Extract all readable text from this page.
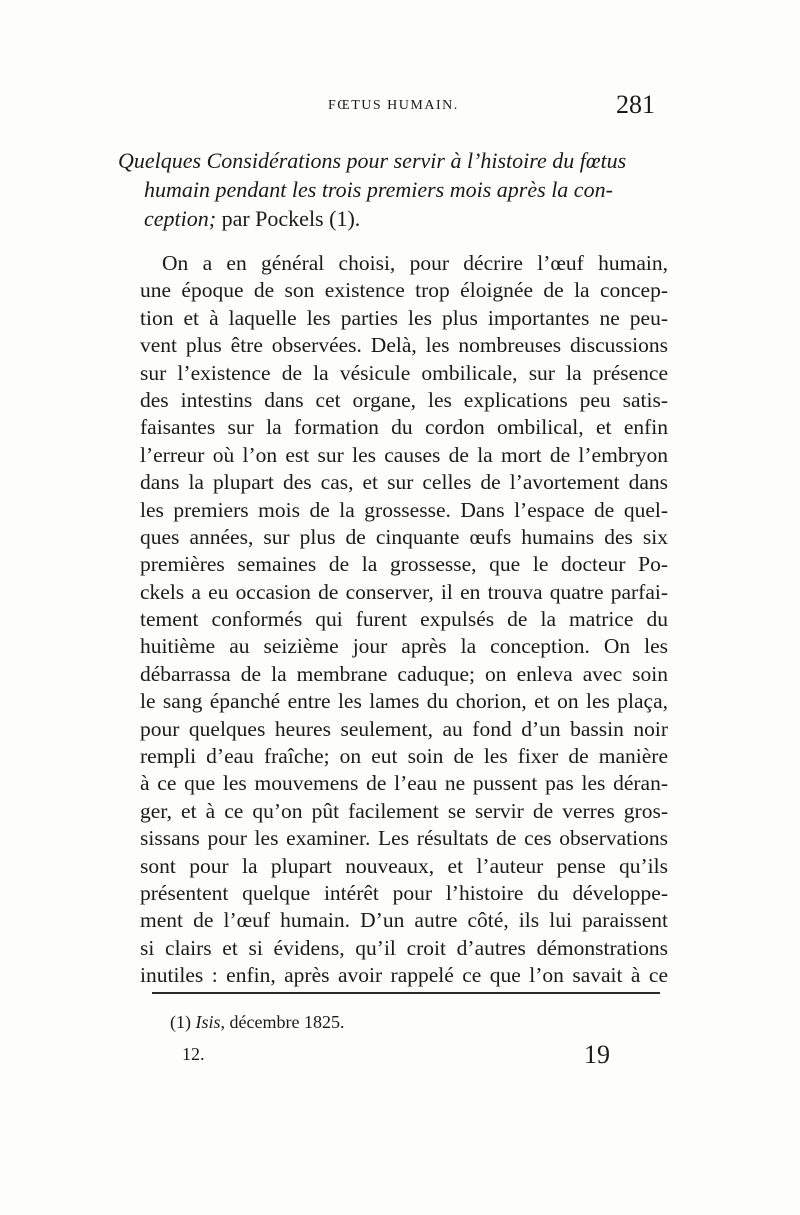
FŒTUS HUMAIN.	281
Quelques Considérations pour servir à l’histoire du fœtus
humain pendant les trois premiers mois après la con-
ception; par Pockels (1).
On a en général choisi, pour décrire l’œuf humain,
une époque de son existence trop éloignée de la concep-
tion et à laquelle les parties les plus importantes ne peu-
vent plus être observées. Delà, les nombreuses discussions
sur l’existence de la vésicule ombilicale, sur la présence
des intestins dans cet organe, les explications peu satis-
faisantes sur la formation du cordon ombilical, et enfin
l’erreur où l’on est sur les causes de la mort de l’embryon
dans la plupart des cas, et sur celles de l’avortement dans
les premiers mois de la grossesse. Dans l’espace de quel-
ques années, sur plus de cinquante œufs humains des six
premières semaines de la grossesse, que le docteur Po-
ckels a eu occasion de conserver, il en trouva quatre parfai-
tement conformés qui furent expulsés de la matrice du
huitième au seizième jour après la conception. On les
débarrassa de la membrane caduque; on enleva avec soin
le sang épanché entre les lames du chorion, et on les plaça,
pour quelques heures seulement, au fond d’un bassin noir
rempli d’eau fraîche; on eut soin de les fixer de manière
à ce que les mouvemens de l’eau ne pussent pas les déran-
ger, et à ce qu’on pût facilement se servir de verres gros-
sissans pour les examiner. Les résultats de ces observations
sont pour la plupart nouveaux, et l’auteur pense qu’ils
présentent quelque intérêt pour l’histoire du développe-
ment de l’œuf humain. D’un autre côté, ils lui paraissent
si clairs et si évidens, qu’il croit d’autres démonstrations
inutiles : enfin, après avoir rappelé ce que l’on savait à ce
(1) Isis, décembre 1825.
12.	19
